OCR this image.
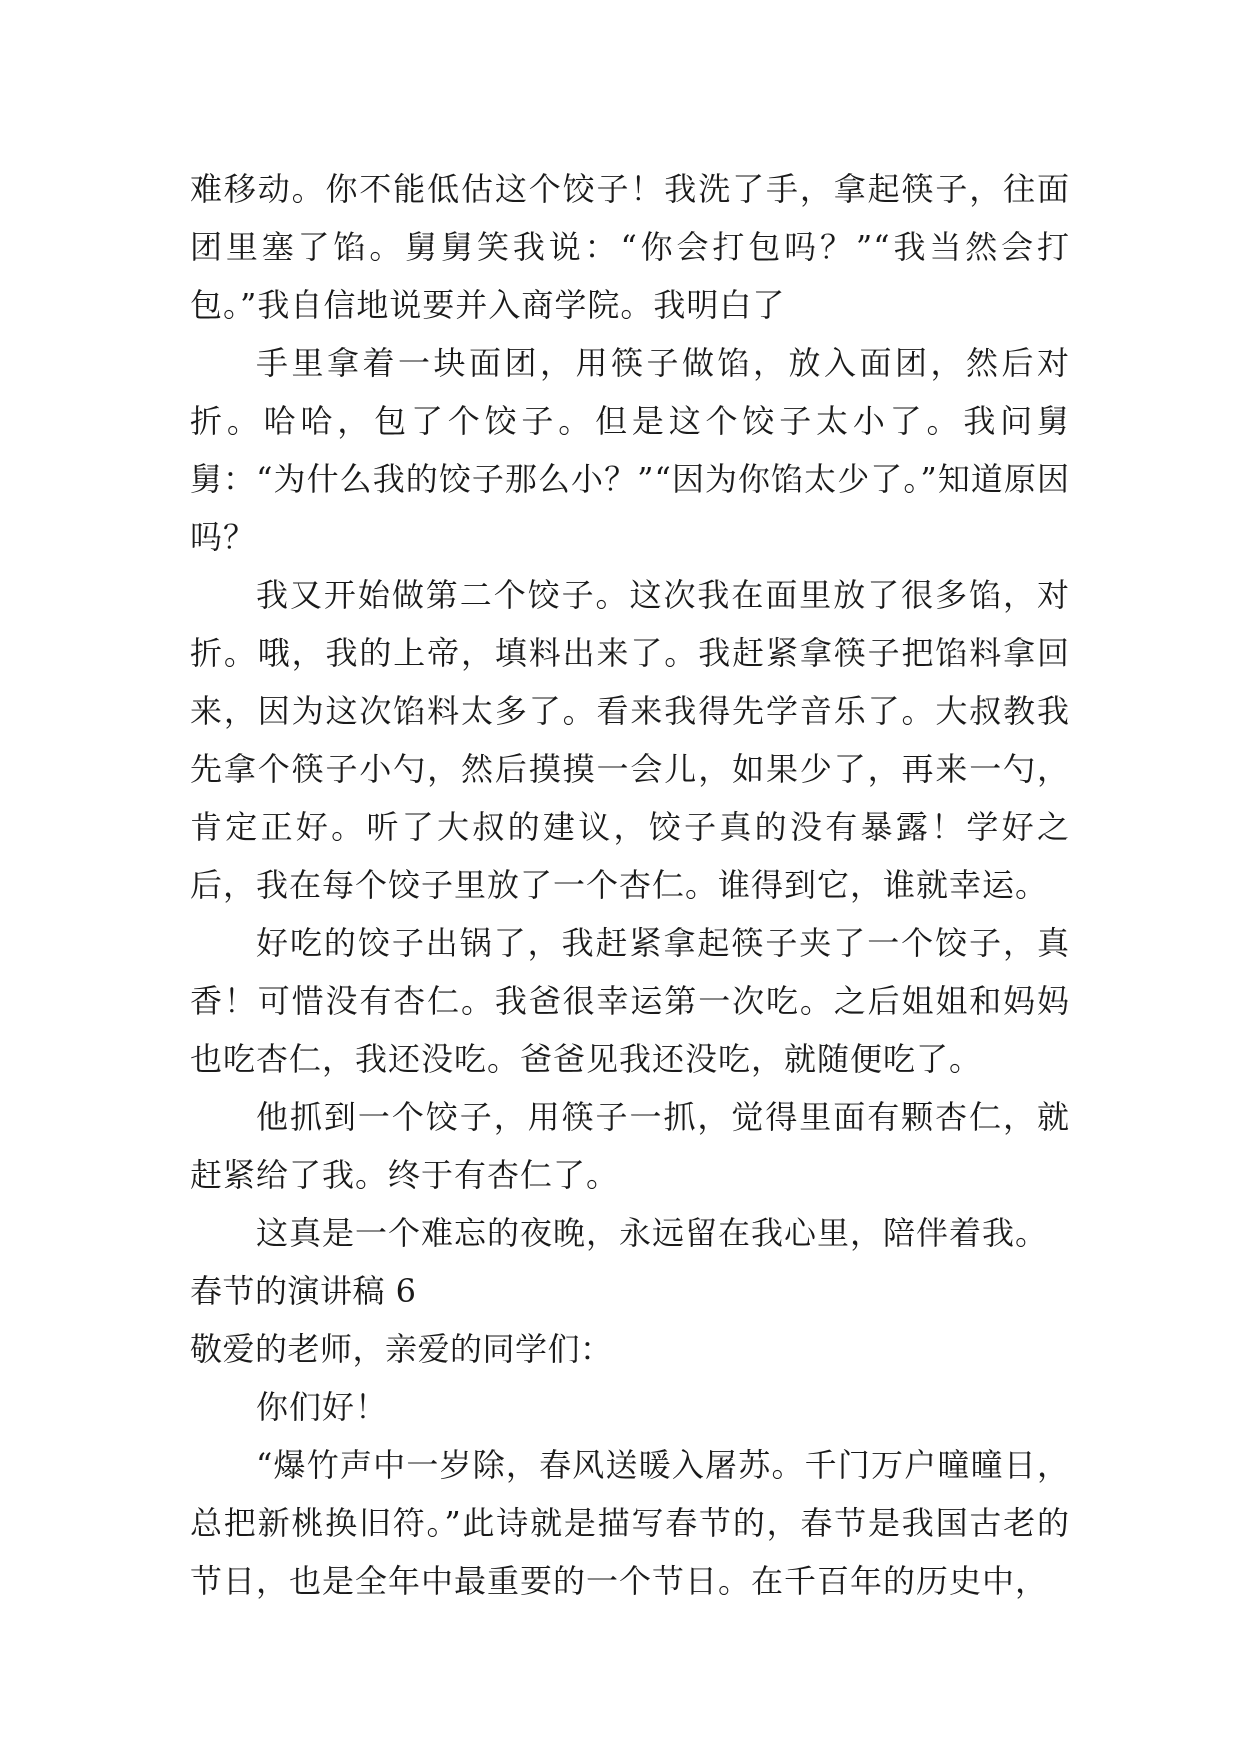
难移动。你不能低估这个饺子！我洗了手，拿起筷子，往面团里塞了馅。舅舅笑我说：“你会打包吗？”“我当然会打包。”我自信地说要并入商学院。我明白了

手里拿着一块面团，用筷子做馅，放入面团，然后对折。哈哈，包了个饺子。但是这个饺子太小了。我问舅舅：“为什么我的饺子那么小？”“因为你馅太少了。”知道原因吗？

我又开始做第二个饺子。这次我在面里放了很多馅，对折。哦，我的上帝，填料出来了。我赶紧拿筷子把馅料拿回来，因为这次馅料太多了。看来我得先学音乐了。大叔教我先拿个筷子小勺，然后摸摸一会儿，如果少了，再来一勺，肯定正好。听了大叔的建议，饺子真的没有暴露！学好之后，我在每个饺子里放了一个杏仁。谁得到它，谁就幸运。

好吃的饺子出锅了，我赶紧拿起筷子夹了一个饺子，真香！可惜没有杏仁。我爸很幸运第一次吃。之后姐姐和妈妈也吃杏仁，我还没吃。爸爸见我还没吃，就随便吃了。

他抓到一个饺子，用筷子一抓，觉得里面有颗杏仁，就赶紧给了我。终于有杏仁了。

这真是一个难忘的夜晚，永远留在我心里，陪伴着我。

春节的演讲稿 6

敬爱的老师，亲爱的同学们：

你们好！

“爆竹声中一岁除，春风送暖入屠苏。千门万户曈曈日，总把新桃换旧符。”此诗就是描写春节的，春节是我国古老的节日，也是全年中最重要的一个节日。在千百年的历史中，
